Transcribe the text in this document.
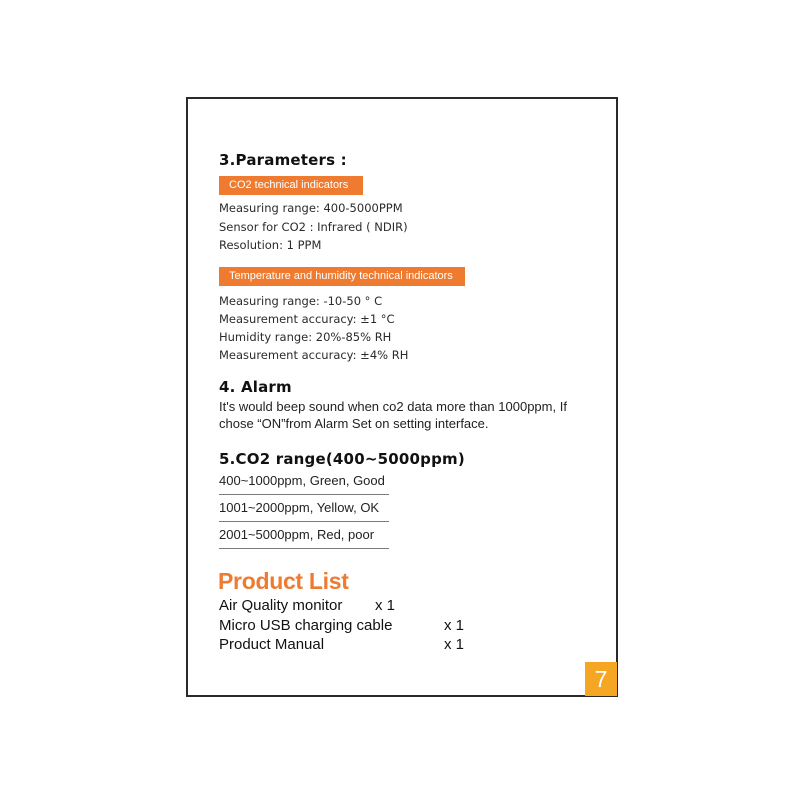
3.Parameters :
CO2 technical indicators
Measuring range: 400-5000PPM
Sensor for CO2 : Infrared ( NDIR)
Resolution: 1 PPM
Temperature and humidity technical indicators
Measuring range: -10-50 ° C
Measurement accuracy: ±1 °C
Humidity range: 20%-85% RH
Measurement accuracy: ±4% RH
4. Alarm
It's would beep sound when co2 data more than 1000ppm, If
chose “ON”from Alarm Set on setting interface.
5.CO2 range(400~5000ppm)
400~1000ppm, Green, Good
1001~2000ppm, Yellow, OK
2001~5000ppm, Red, poor
Product List
Air Quality monitor x 1
Micro USB charging cable	x 1
Product Manual	x 1
7
